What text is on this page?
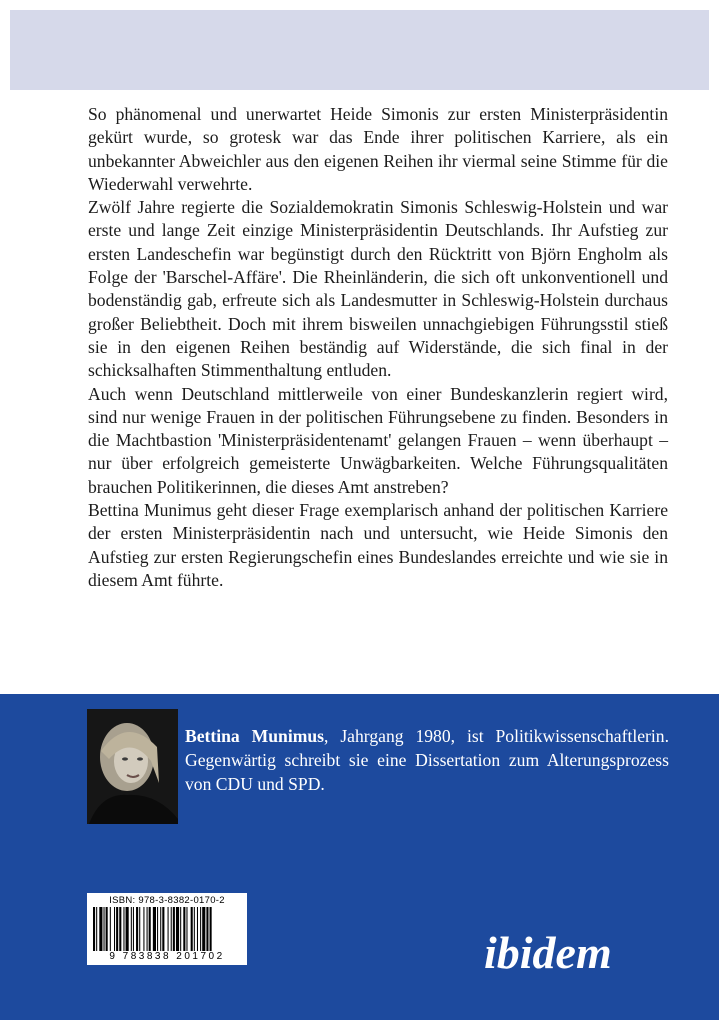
So phänomenal und unerwartet Heide Simonis zur ersten Ministerpräsidentin gekürt wurde, so grotesk war das Ende ihrer politischen Karriere, als ein unbekannter Abweichler aus den eigenen Reihen ihr viermal seine Stimme für die Wiederwahl verwehrte.

Zwölf Jahre regierte die Sozialdemokratin Simonis Schleswig-Holstein und war erste und lange Zeit einzige Ministerpräsidentin Deutschlands. Ihr Aufstieg zur ersten Landeschefin war begünstigt durch den Rücktritt von Björn Engholm als Folge der 'Barschel-Affäre'. Die Rheinländerin, die sich oft unkonventionell und bodenständig gab, erfreute sich als Landesmutter in Schleswig-Holstein durchaus großer Beliebtheit. Doch mit ihrem bisweilen unnachgiebigen Führungsstil stieß sie in den eigenen Reihen beständig auf Widerstände, die sich final in der schicksalhaften Stimmenthaltung entluden.

Auch wenn Deutschland mittlerweile von einer Bundeskanzlerin regiert wird, sind nur wenige Frauen in der politischen Führungsebene zu finden. Besonders in die Machtbastion 'Ministerpräsidentenamt' gelangen Frauen – wenn überhaupt – nur über erfolgreich gemeisterte Unwägbarkeiten. Welche Führungsqualitäten brauchen Politikerinnen, die dieses Amt anstreben?

Bettina Munimus geht dieser Frage exemplarisch anhand der politischen Karriere der ersten Ministerpräsidentin nach und untersucht, wie Heide Simonis den Aufstieg zur ersten Regierungschefin eines Bundeslandes erreichte und wie sie in diesem Amt führte.

Bettina Munimus, Jahrgang 1980, ist Politikwissenschaftlerin. Gegenwärtig schreibt sie eine Dissertation zum Alterungsprozess von CDU und SPD.
ISBN: 978-3-8382-0170-2
9 783838 201702	ibidem
